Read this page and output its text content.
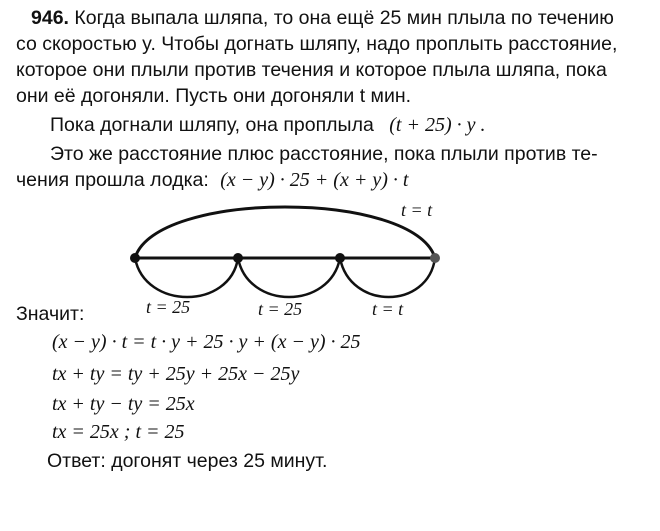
946. Когда выпала шляпа, то она ещё 25 мин плыла по течению
со скоростью y. Чтобы догнать шляпу, надо проплыть расстояние,
которое они плыли против течения и которое плыла шляпа, пока
они её догоняли. Пусть они догоняли t мин.
Пока догнали шляпу, она проплыла (t + 25) · y .
Это же расстояние плюс расстояние, пока плыли против те-
чения прошла лодка: (x − y) · 25 + (x + y) · t
t = t
t = 25	t = 25	t = t
Значит:
(x − y) · t = t · y + 25 · y + (x − y) · 25
tx + ty = ty + 25y + 25x − 25y
tx + ty − ty = 25x
tx = 25x ; t = 25
Ответ: догонят через 25 минут.
